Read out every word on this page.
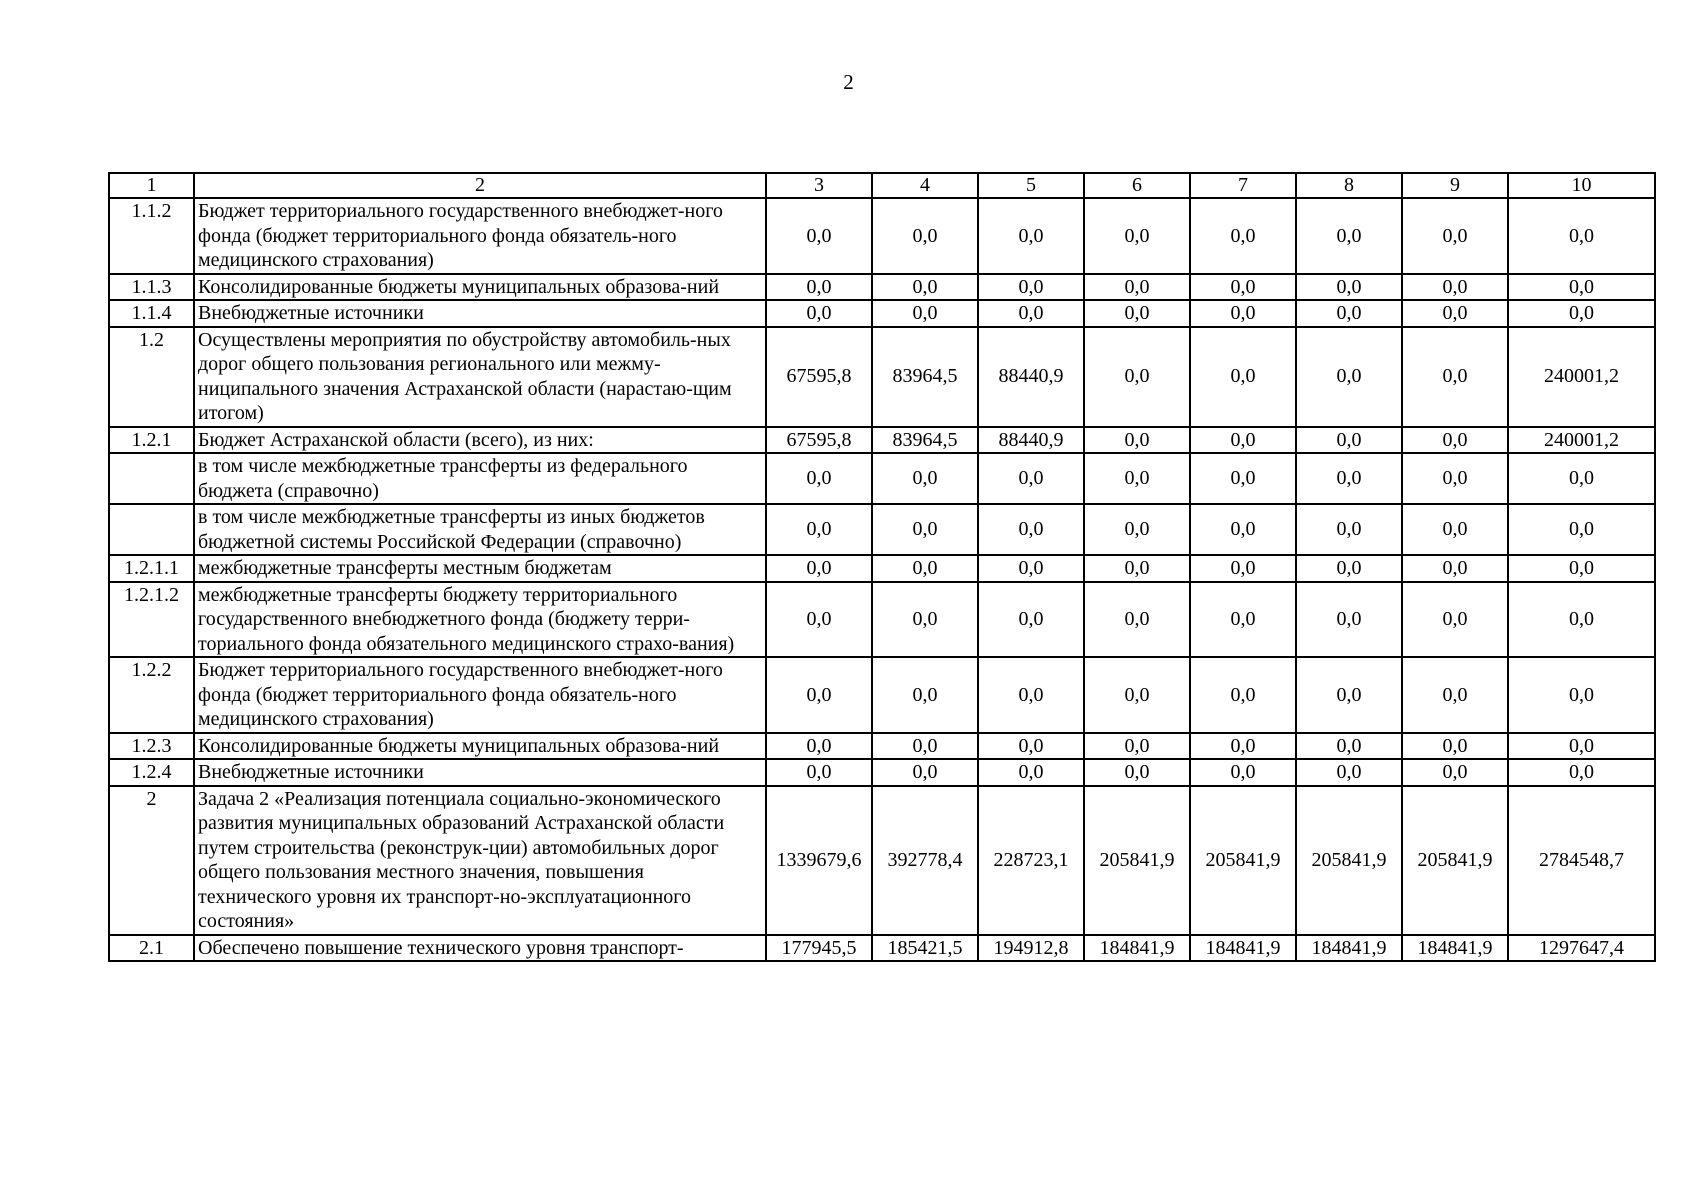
2
1	2	3	4	5	6	7	8	9	10
1.1.2	Бюджет территориального государственного внебюджет-ного фонда (бюджет территориального фонда обязатель-ного медицинского страхования)	0,0	0,0	0,0	0,0	0,0	0,0	0,0	0,0
1.1.3	Консолидированные бюджеты муниципальных образова-ний	0,0	0,0	0,0	0,0	0,0	0,0	0,0	0,0
1.1.4	Внебюджетные источники	0,0	0,0	0,0	0,0	0,0	0,0	0,0	0,0
1.2	Осуществлены мероприятия по обустройству автомобиль-ных дорог общего пользования регионального или межму-ниципального значения Астраханской области (нарастаю-щим итогом)	67595,8	83964,5	88440,9	0,0	0,0	0,0	0,0	240001,2
1.2.1	Бюджет Астраханской области (всего), из них:	67595,8	83964,5	88440,9	0,0	0,0	0,0	0,0	240001,2
	в том числе межбюджетные трансферты из федерального бюджета (справочно)	0,0	0,0	0,0	0,0	0,0	0,0	0,0	0,0
	в том числе межбюджетные трансферты из иных бюджетов бюджетной системы Российской Федерации (справочно)	0,0	0,0	0,0	0,0	0,0	0,0	0,0	0,0
1.2.1.1	межбюджетные трансферты местным бюджетам	0,0	0,0	0,0	0,0	0,0	0,0	0,0	0,0
1.2.1.2	межбюджетные трансферты бюджету территориального государственного внебюджетного фонда (бюджету терри-ториального фонда обязательного медицинского страхо-вания)	0,0	0,0	0,0	0,0	0,0	0,0	0,0	0,0
1.2.2	Бюджет территориального государственного внебюджет-ного фонда (бюджет территориального фонда обязатель-ного медицинского страхования)	0,0	0,0	0,0	0,0	0,0	0,0	0,0	0,0
1.2.3	Консолидированные бюджеты муниципальных образова-ний	0,0	0,0	0,0	0,0	0,0	0,0	0,0	0,0
1.2.4	Внебюджетные источники	0,0	0,0	0,0	0,0	0,0	0,0	0,0	0,0
2	Задача 2 «Реализация потенциала социально-экономического развития муниципальных образований Астраханской области путем строительства (реконструк-ции) автомобильных дорог общего пользования местного значения, повышения технического уровня их транспорт-но-эксплуатационного состояния»	1339679,6	392778,4	228723,1	205841,9	205841,9	205841,9	205841,9	2784548,7
2.1	Обеспечено повышение технического уровня транспорт-	177945,5	185421,5	194912,8	184841,9	184841,9	184841,9	184841,9	1297647,4
